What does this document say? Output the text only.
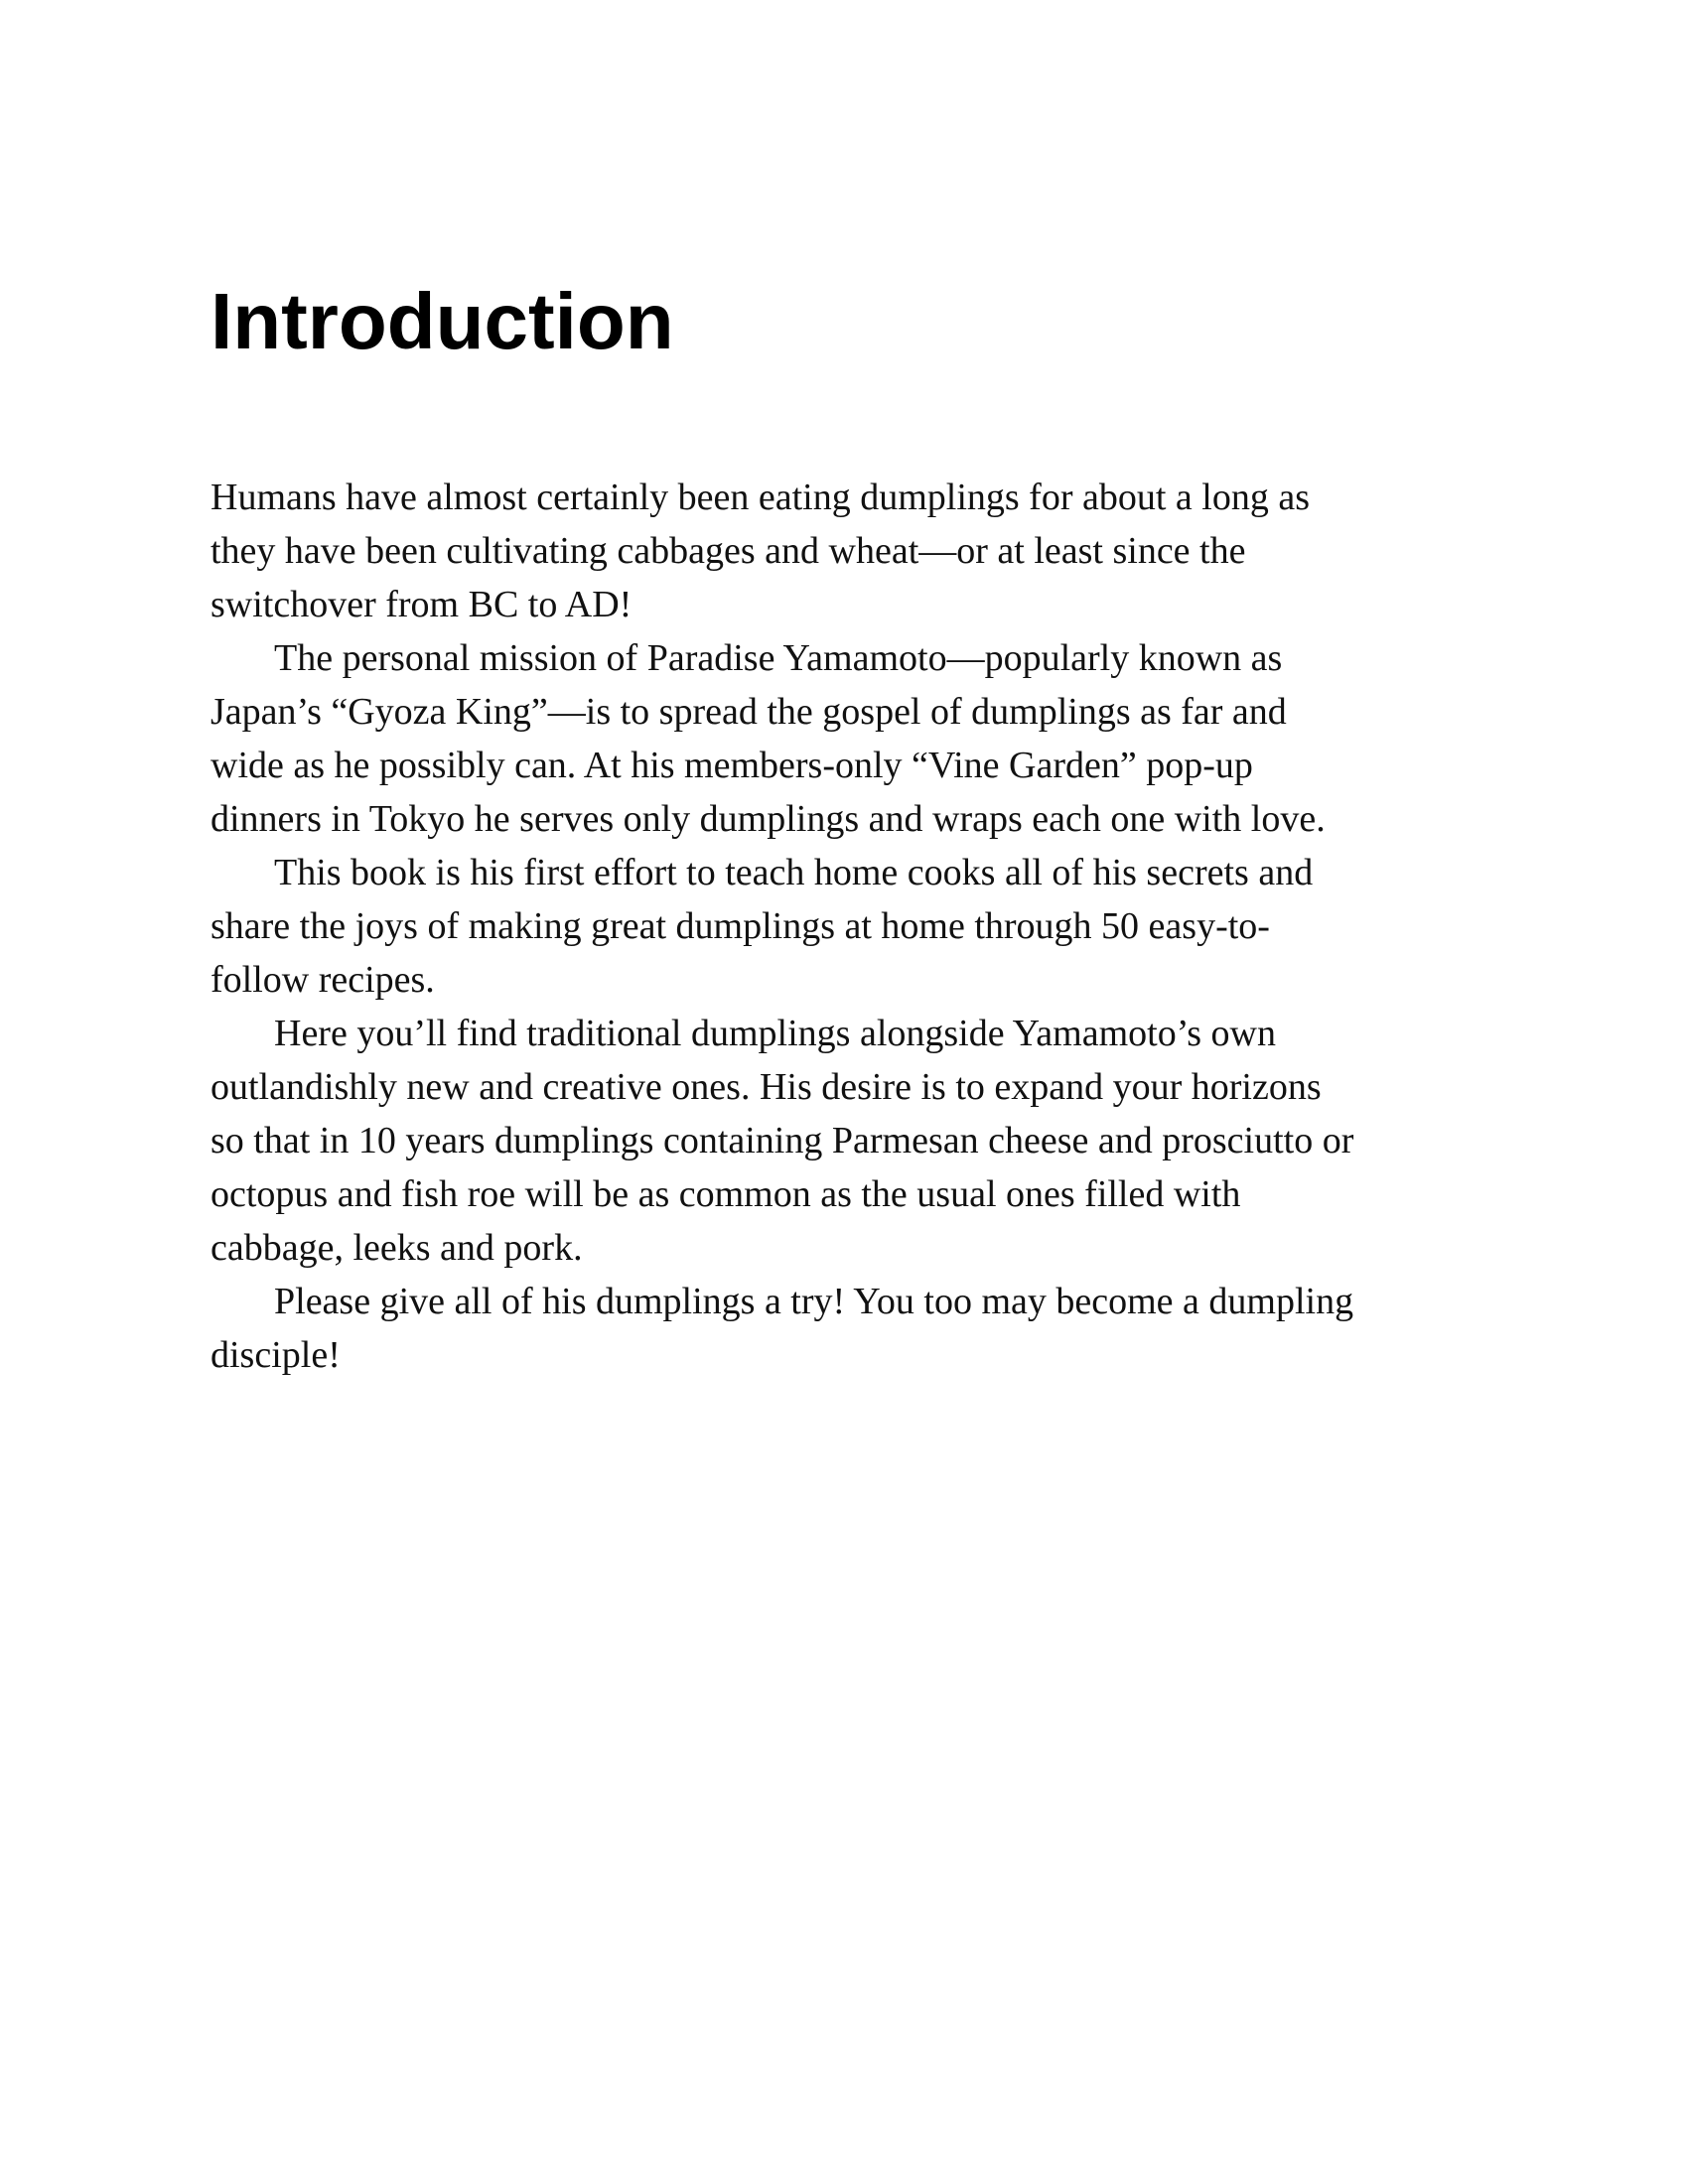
Introduction

Humans have almost certainly been eating dumplings for about a long as
they have been cultivating cabbages and wheat—or at least since the
switchover from BC to AD!

The personal mission of Paradise Yamamoto—popularly known as
Japan’s “Gyoza King”—is to spread the gospel of dumplings as far and
wide as he possibly can. At his members-only “Vine Garden” pop-up
dinners in Tokyo he serves only dumplings and wraps each one with love.

This book is his first effort to teach home cooks all of his secrets and
share the joys of making great dumplings at home through 50 easy-to-
follow recipes.

Here you’ll find traditional dumplings alongside Yamamoto’s own
outlandishly new and creative ones. His desire is to expand your horizons
so that in 10 years dumplings containing Parmesan cheese and prosciutto or
octopus and fish roe will be as common as the usual ones filled with
cabbage, leeks and pork.

Please give all of his dumplings a try! You too may become a dumpling
disciple!
